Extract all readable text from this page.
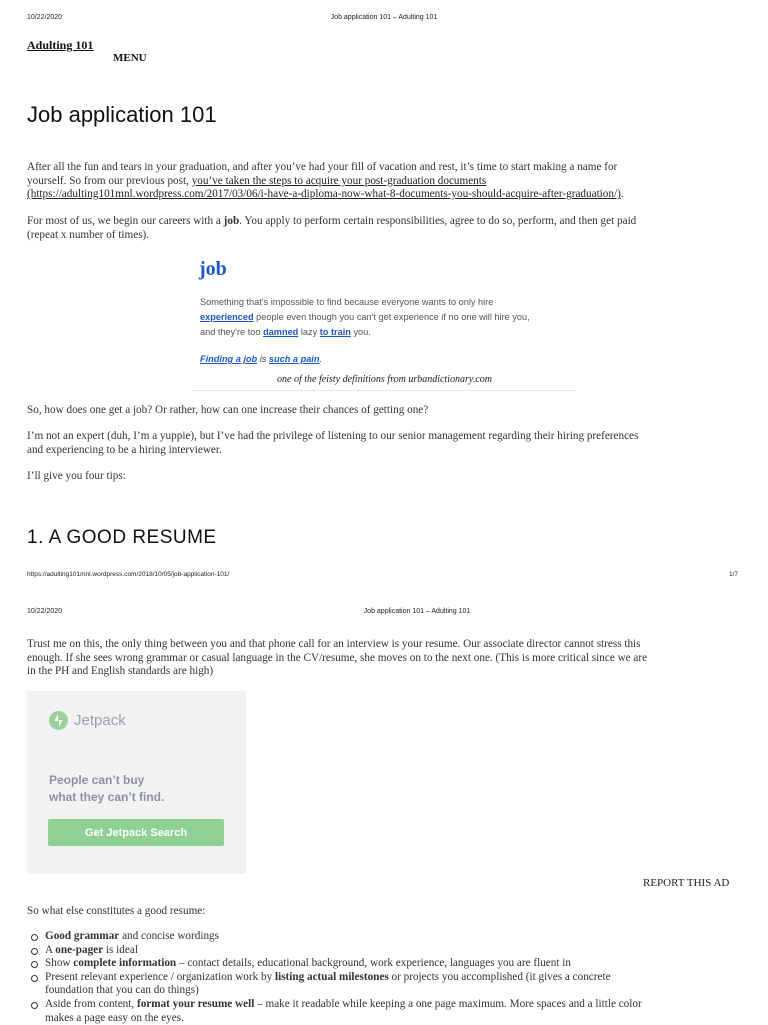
10/22/2020	Job application 101 – Adulting 101
Adulting 101
MENU
Job application 101
After all the fun and tears in your graduation, and after you’ve had your fill of vacation and rest, it’s time to start making a name for
yourself. So from our previous post, you’ve taken the steps to acquire your post-graduation documents
(https://adulting101mnl.wordpress.com/2017/03/06/i-have-a-diploma-now-what-8-documents-you-should-acquire-after-graduation/).
For most of us, we begin our careers with a job. You apply to perform certain responsibilities, agree to do so, perform, and then get paid
(repeat x number of times).
job
Something that's impossible to find because everyone wants to only hire
experienced people even though you can't get experience if no one will hire you,
and they're too damned lazy to train you.
Finding a job is such a pain.
one of the feisty definitions from urbandictionary.com
So, how does one get a job? Or rather, how can one increase their chances of getting one?
I’m not an expert (duh, I’m a yuppie), but I’ve had the privilege of listening to our senior management regarding their hiring preferences
and experiencing to be a hiring interviewer.
I’ll give you four tips:
1. A GOOD RESUME
https://adulting101mnl.wordpress.com/2018/10/05/job-application-101/	1/7
10/22/2020	Job application 101 – Adulting 101
Trust me on this, the only thing between you and that phone call for an interview is your resume. Our associate director cannot stress this
enough. If she sees wrong grammar or casual language in the CV/resume, she moves on to the next one. (This is more critical since we are
in the PH and English standards are high)
Jetpack
People can’t buy
what they can’t find.
Get Jetpack Search
REPORT THIS AD
So what else constitutes a good resume:
Good grammar and concise wordings
A one-pager is ideal
Show complete information – contact details, educational background, work experience, languages you are fluent in
Present relevant experience / organization work by listing actual milestones or projects you accomplished (it gives a concrete
foundation that you can do things)
Aside from content, format your resume well – make it readable while keeping a one page maximum. More spaces and a little color
makes a page easy on the eyes.
